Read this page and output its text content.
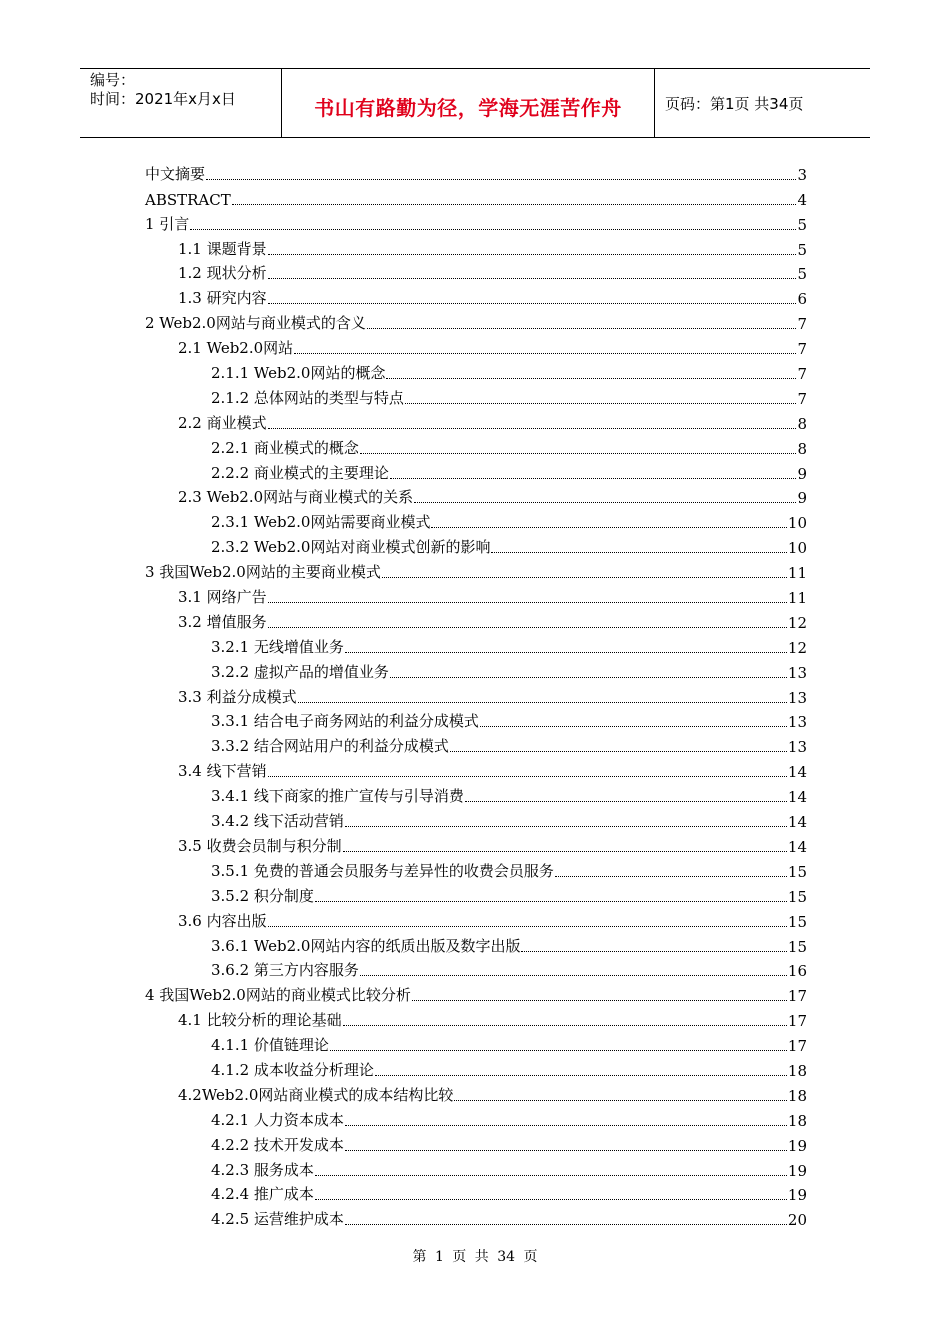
编号：
时间：2021年x月x日	书山有路勤为径，学海无涯苦作舟	页码：第1页 共34页
中文摘要	3
ABSTRACT	4
1 引言	5
1.1 课题背景	5
1.2 现状分析	5
1.3 研究内容	6
2 Web2.0网站与商业模式的含义	7
2.1 Web2.0网站	7
2.1.1 Web2.0网站的概念	7
2.1.2 总体网站的类型与特点	7
2.2 商业模式	8
2.2.1 商业模式的概念	8
2.2.2 商业模式的主要理论	9
2.3 Web2.0网站与商业模式的关系	9
2.3.1 Web2.0网站需要商业模式	10
2.3.2 Web2.0网站对商业模式创新的影响	10
3 我国Web2.0网站的主要商业模式	11
3.1 网络广告	11
3.2 增值服务	12
3.2.1 无线增值业务	12
3.2.2 虚拟产品的增值业务	13
3.3 利益分成模式	13
3.3.1 结合电子商务网站的利益分成模式	13
3.3.2 结合网站用户的利益分成模式	13
3.4 线下营销	14
3.4.1 线下商家的推广宣传与引导消费	14
3.4.2 线下活动营销	14
3.5 收费会员制与积分制	14
3.5.1 免费的普通会员服务与差异性的收费会员服务	15
3.5.2 积分制度	15
3.6 内容出版	15
3.6.1 Web2.0网站内容的纸质出版及数字出版	15
3.6.2 第三方内容服务	16
4 我国Web2.0网站的商业模式比较分析	17
4.1 比较分析的理论基础	17
4.1.1 价值链理论	17
4.1.2 成本收益分析理论	18
4.2Web2.0网站商业模式的成本结构比较	18
4.2.1 人力资本成本	18
4.2.2 技术开发成本	19
4.2.3 服务成本	19
4.2.4 推广成本	19
4.2.5 运营维护成本	20
第 1 页 共 34 页
